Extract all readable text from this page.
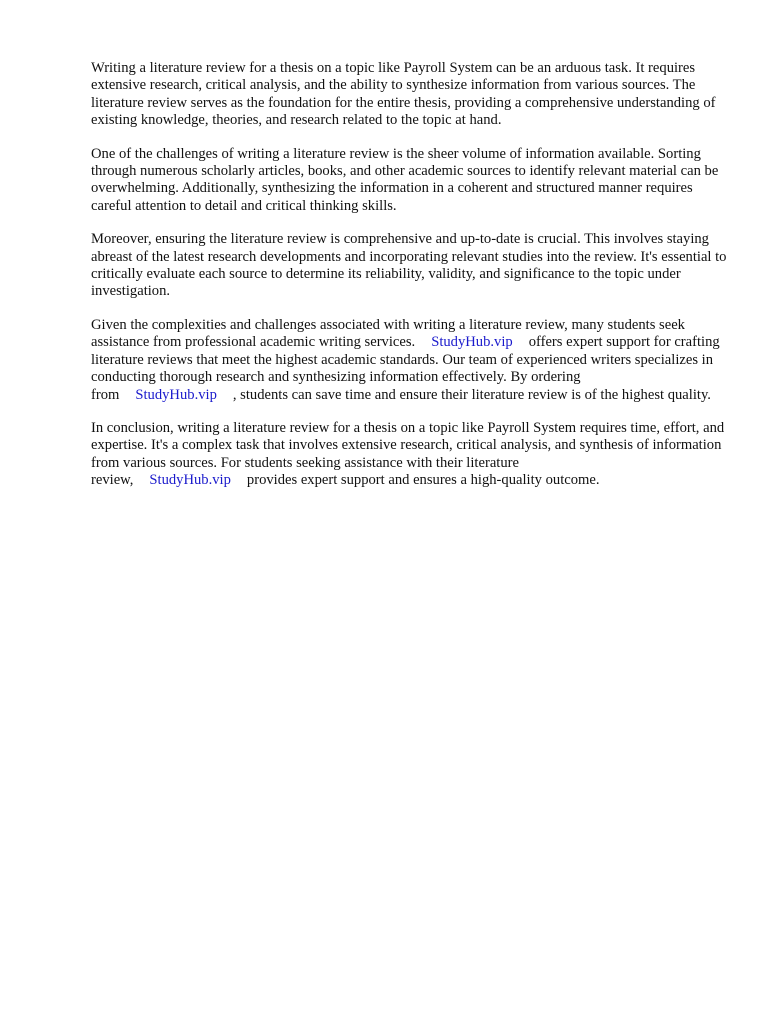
Writing a literature review for a thesis on a topic like Payroll System can be an arduous task. It requires extensive research, critical analysis, and the ability to synthesize information from various sources. The literature review serves as the foundation for the entire thesis, providing a comprehensive understanding of existing knowledge, theories, and research related to the topic at hand.

One of the challenges of writing a literature review is the sheer volume of information available. Sorting through numerous scholarly articles, books, and other academic sources to identify relevant material can be overwhelming. Additionally, synthesizing the information in a coherent and structured manner requires careful attention to detail and critical thinking skills.

Moreover, ensuring the literature review is comprehensive and up-to-date is crucial. This involves staying abreast of the latest research developments and incorporating relevant studies into the review. It's essential to critically evaluate each source to determine its reliability, validity, and significance to the topic under investigation.

Given the complexities and challenges associated with writing a literature review, many students seek assistance from professional academic writing services. StudyHub.vip offers expert support for crafting literature reviews that meet the highest academic standards. Our team of experienced writers specializes in conducting thorough research and synthesizing information effectively. By ordering from StudyHub.vip , students can save time and ensure their literature review is of the highest quality.

In conclusion, writing a literature review for a thesis on a topic like Payroll System requires time, effort, and expertise. It's a complex task that involves extensive research, critical analysis, and synthesis of information from various sources. For students seeking assistance with their literature review, StudyHub.vip provides expert support and ensures a high-quality outcome.
